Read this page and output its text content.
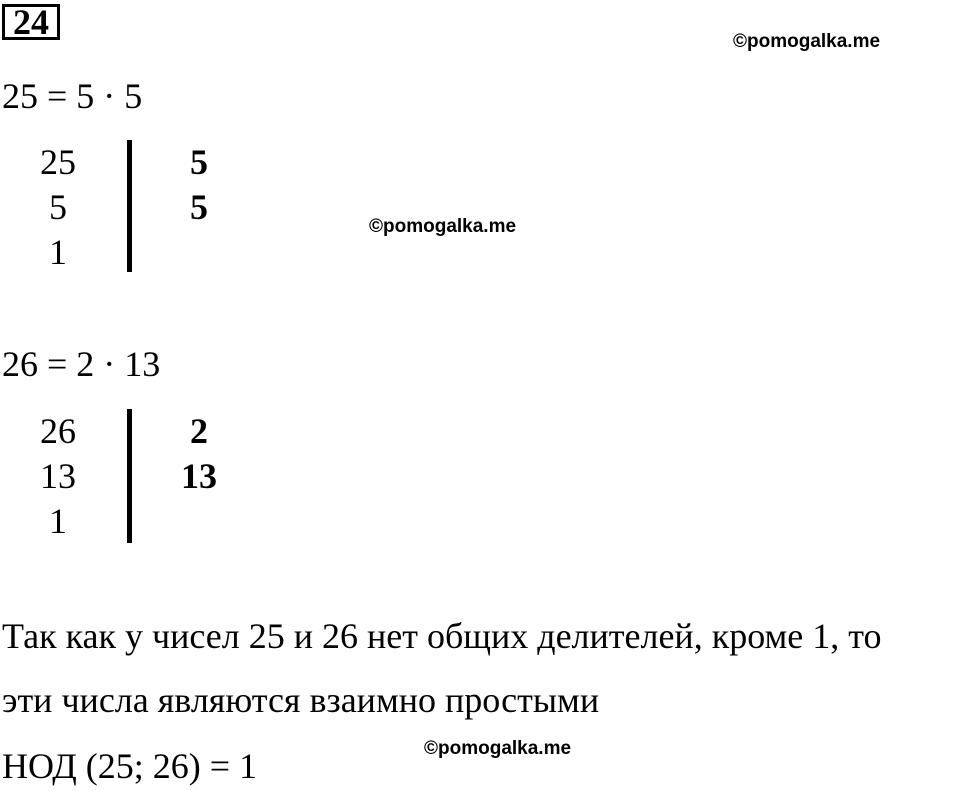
24	©pomogalka.me
©pomogalka.me
©pomogalka.me
25 = 5 · 5
25
5
1
5
5
26 = 2 · 13
26
13
1
2
13
Так как у чисел 25 и 26 нет общих делителей, кроме 1, то
эти числа являются взаимно простыми
НОД (25; 26) = 1
